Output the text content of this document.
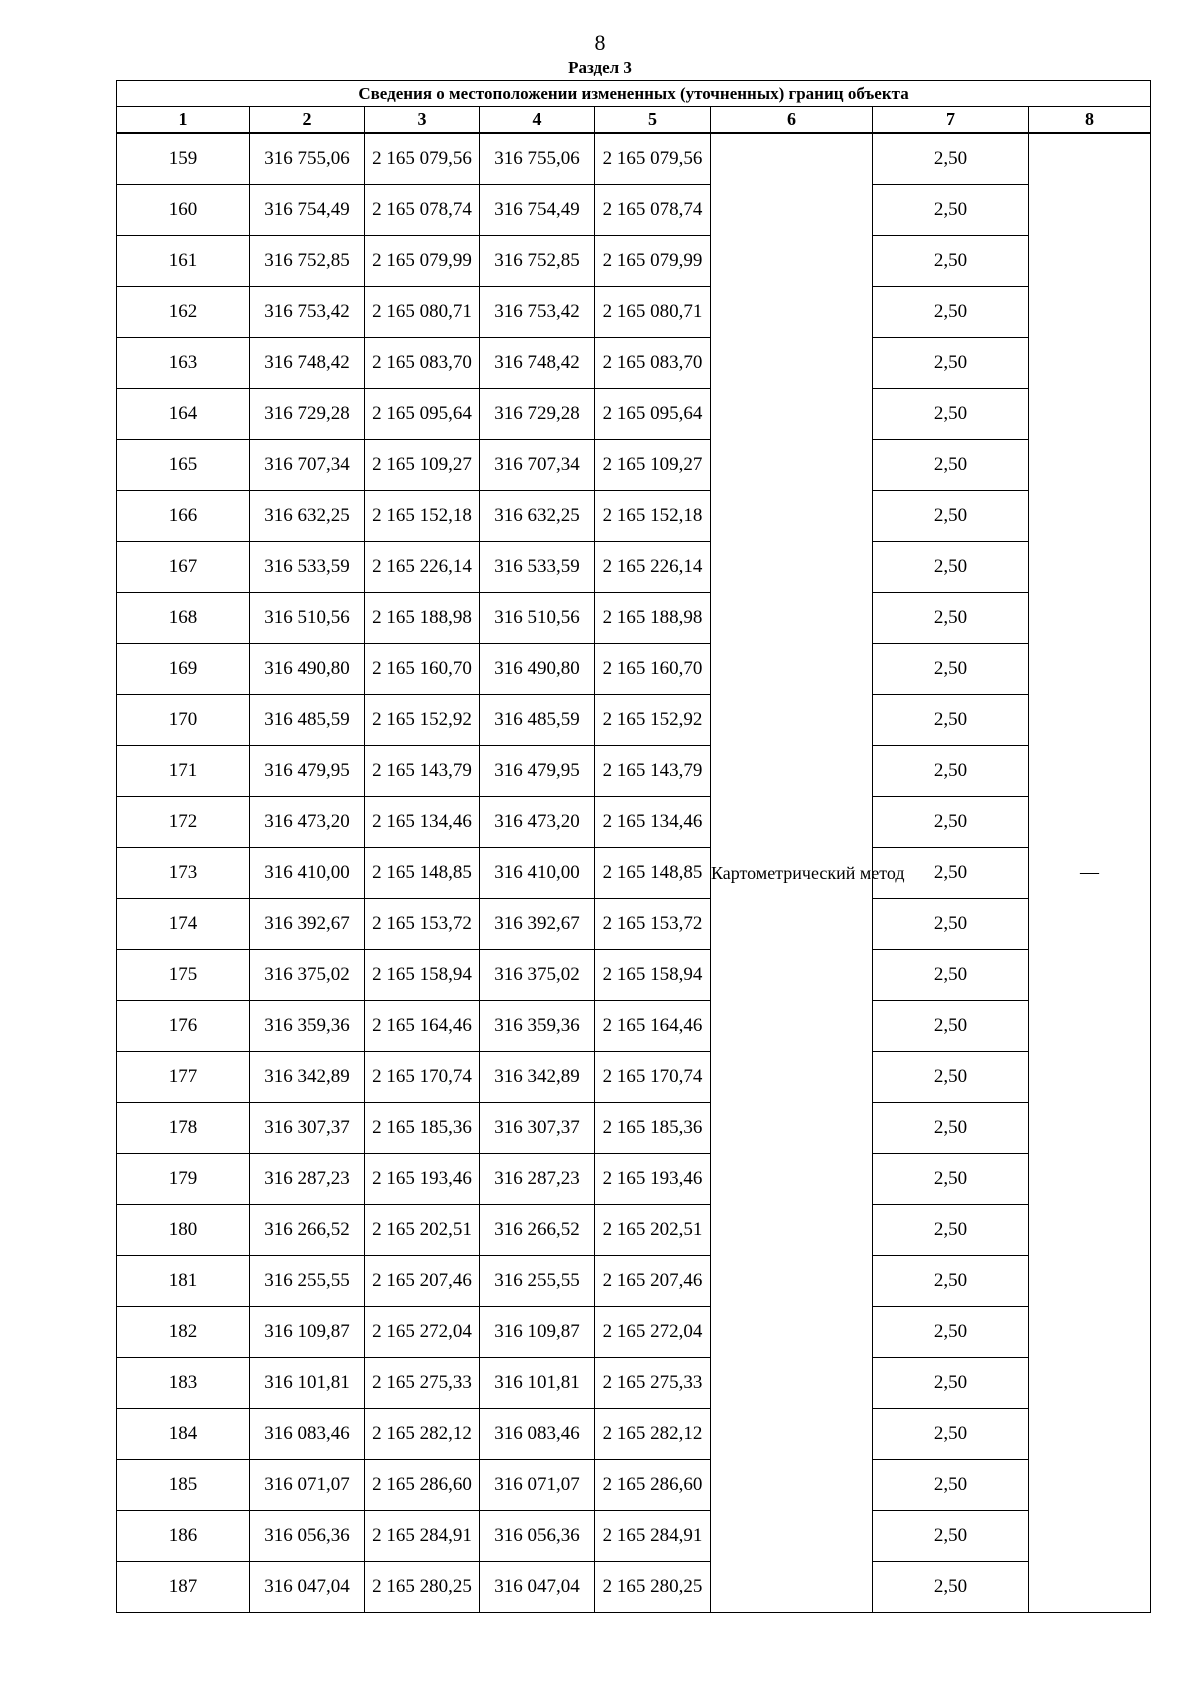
8
Раздел 3
Сведения о местоположении измененных (уточненных) границ объекта							
1	2	3	4	5	6	7	8
159	316 755,06	2 165 079,56	316 755,06	2 165 079,56	Картометрический метод	2,50	—
160	316 754,49	2 165 078,74	316 754,49	2 165 078,74		2,50	
161	316 752,85	2 165 079,99	316 752,85	2 165 079,99		2,50	
162	316 753,42	2 165 080,71	316 753,42	2 165 080,71		2,50	
163	316 748,42	2 165 083,70	316 748,42	2 165 083,70		2,50	
164	316 729,28	2 165 095,64	316 729,28	2 165 095,64		2,50	
165	316 707,34	2 165 109,27	316 707,34	2 165 109,27		2,50	
166	316 632,25	2 165 152,18	316 632,25	2 165 152,18		2,50	
167	316 533,59	2 165 226,14	316 533,59	2 165 226,14		2,50	
168	316 510,56	2 165 188,98	316 510,56	2 165 188,98		2,50	
169	316 490,80	2 165 160,70	316 490,80	2 165 160,70		2,50	
170	316 485,59	2 165 152,92	316 485,59	2 165 152,92		2,50	
171	316 479,95	2 165 143,79	316 479,95	2 165 143,79		2,50	
172	316 473,20	2 165 134,46	316 473,20	2 165 134,46		2,50	
173	316 410,00	2 165 148,85	316 410,00	2 165 148,85		2,50	
174	316 392,67	2 165 153,72	316 392,67	2 165 153,72		2,50	
175	316 375,02	2 165 158,94	316 375,02	2 165 158,94		2,50	
176	316 359,36	2 165 164,46	316 359,36	2 165 164,46		2,50	
177	316 342,89	2 165 170,74	316 342,89	2 165 170,74		2,50	
178	316 307,37	2 165 185,36	316 307,37	2 165 185,36		2,50	
179	316 287,23	2 165 193,46	316 287,23	2 165 193,46		2,50	
180	316 266,52	2 165 202,51	316 266,52	2 165 202,51		2,50	
181	316 255,55	2 165 207,46	316 255,55	2 165 207,46		2,50	
182	316 109,87	2 165 272,04	316 109,87	2 165 272,04		2,50	
183	316 101,81	2 165 275,33	316 101,81	2 165 275,33		2,50	
184	316 083,46	2 165 282,12	316 083,46	2 165 282,12		2,50	
185	316 071,07	2 165 286,60	316 071,07	2 165 286,60		2,50	
186	316 056,36	2 165 284,91	316 056,36	2 165 284,91		2,50	
187	316 047,04	2 165 280,25	316 047,04	2 165 280,25		2,50	
